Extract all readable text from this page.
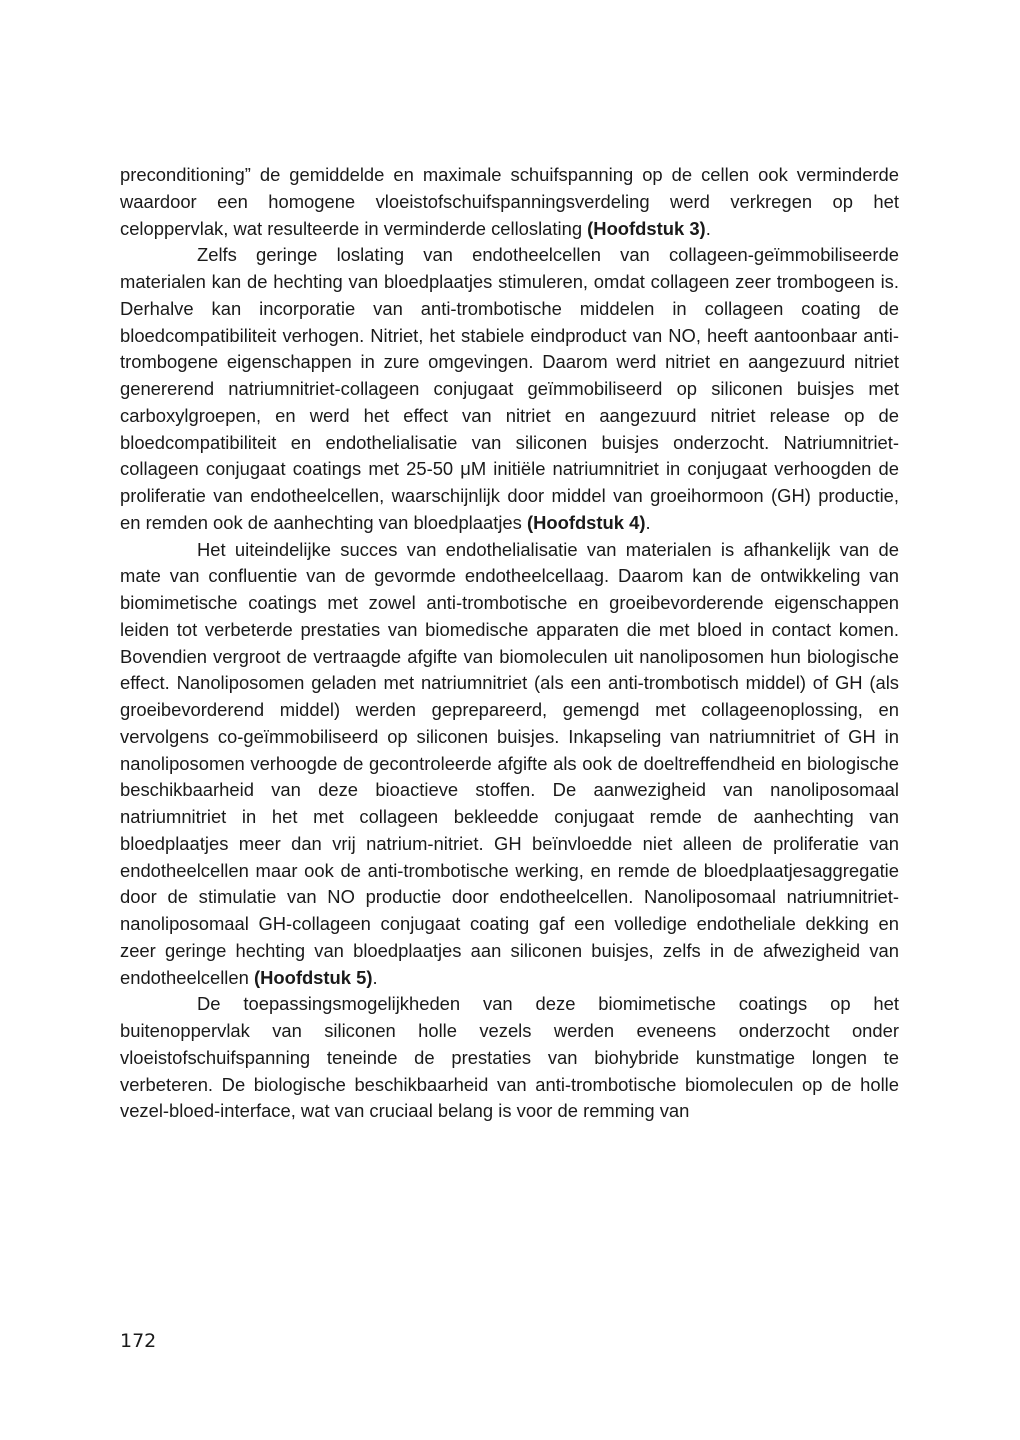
preconditioning” de gemiddelde en maximale schuifspanning op de cellen ook verminderde waardoor een homogene vloeistofschuifspanningsverdeling werd verkregen op het celoppervlak, wat resulteerde in verminderde celloslating (Hoofdstuk 3).

Zelfs geringe loslating van endotheelcellen van collageen-geïmmobiliseerde materialen kan de hechting van bloedplaatjes stimuleren, omdat collageen zeer trombogeen is. Derhalve kan incorporatie van anti-trombotische middelen in collageen coating de bloedcompatibiliteit verhogen. Nitriet, het stabiele eindproduct van NO, heeft aantoonbaar anti-trombogene eigenschappen in zure omgevingen. Daarom werd nitriet en aangezuurd nitriet genererend natriumnitriet-collageen conjugaat geïmmobiliseerd op siliconen buisjes met carboxylgroepen, en werd het effect van nitriet en aangezuurd nitriet release op de bloedcompatibiliteit en endothelialisatie van siliconen buisjes onderzocht. Natriumnitriet-collageen conjugaat coatings met 25-50 μM initiële natriumnitriet in conjugaat verhoogden de proliferatie van endotheelcellen, waarschijnlijk door middel van groeihormoon (GH) productie, en remden ook de aanhechting van bloedplaatjes (Hoofdstuk 4).

Het uiteindelijke succes van endothelialisatie van materialen is afhankelijk van de mate van confluentie van de gevormde endotheelcellaag. Daarom kan de ontwikkeling van biomimetische coatings met zowel anti-trombotische en groeibevorderende eigenschappen leiden tot verbeterde prestaties van biomedische apparaten die met bloed in contact komen. Bovendien vergroot de vertraagde afgifte van biomoleculen uit nanoliposomen hun biologische effect. Nanoliposomen geladen met natriumnitriet (als een anti-trombotisch middel) of GH (als groeibevorderend middel) werden geprepareerd, gemengd met collageenoplossing, en vervolgens co-geïmmobiliseerd op siliconen buisjes. Inkapseling van natriumnitriet of GH in nanoliposomen verhoogde de gecontroleerde afgifte als ook de doeltreffendheid en biologische beschikbaarheid van deze bioactieve stoffen. De aanwezigheid van nanoliposomaal natriumnitriet in het met collageen bekleedde conjugaat remde de aanhechting van bloedplaatjes meer dan vrij natrium-nitriet. GH beïnvloedde niet alleen de proliferatie van endotheelcellen maar ook de anti-trombotische werking, en remde de bloedplaatjesaggregatie door de stimulatie van NO productie door endotheelcellen. Nanoliposomaal natriumnitriet-nanoliposomaal GH-collageen conjugaat coating gaf een volledige endotheliale dekking en zeer geringe hechting van bloedplaatjes aan siliconen buisjes, zelfs in de afwezigheid van endotheelcellen (Hoofdstuk 5).

De toepassingsmogelijkheden van deze biomimetische coatings op het buitenoppervlak van siliconen holle vezels werden eveneens onderzocht onder vloeistofschuifspanning teneinde de prestaties van biohybride kunstmatige longen te verbeteren. De biologische beschikbaarheid van anti-trombotische biomoleculen op de holle vezel-bloed-interface, wat van cruciaal belang is voor de remming van

172
